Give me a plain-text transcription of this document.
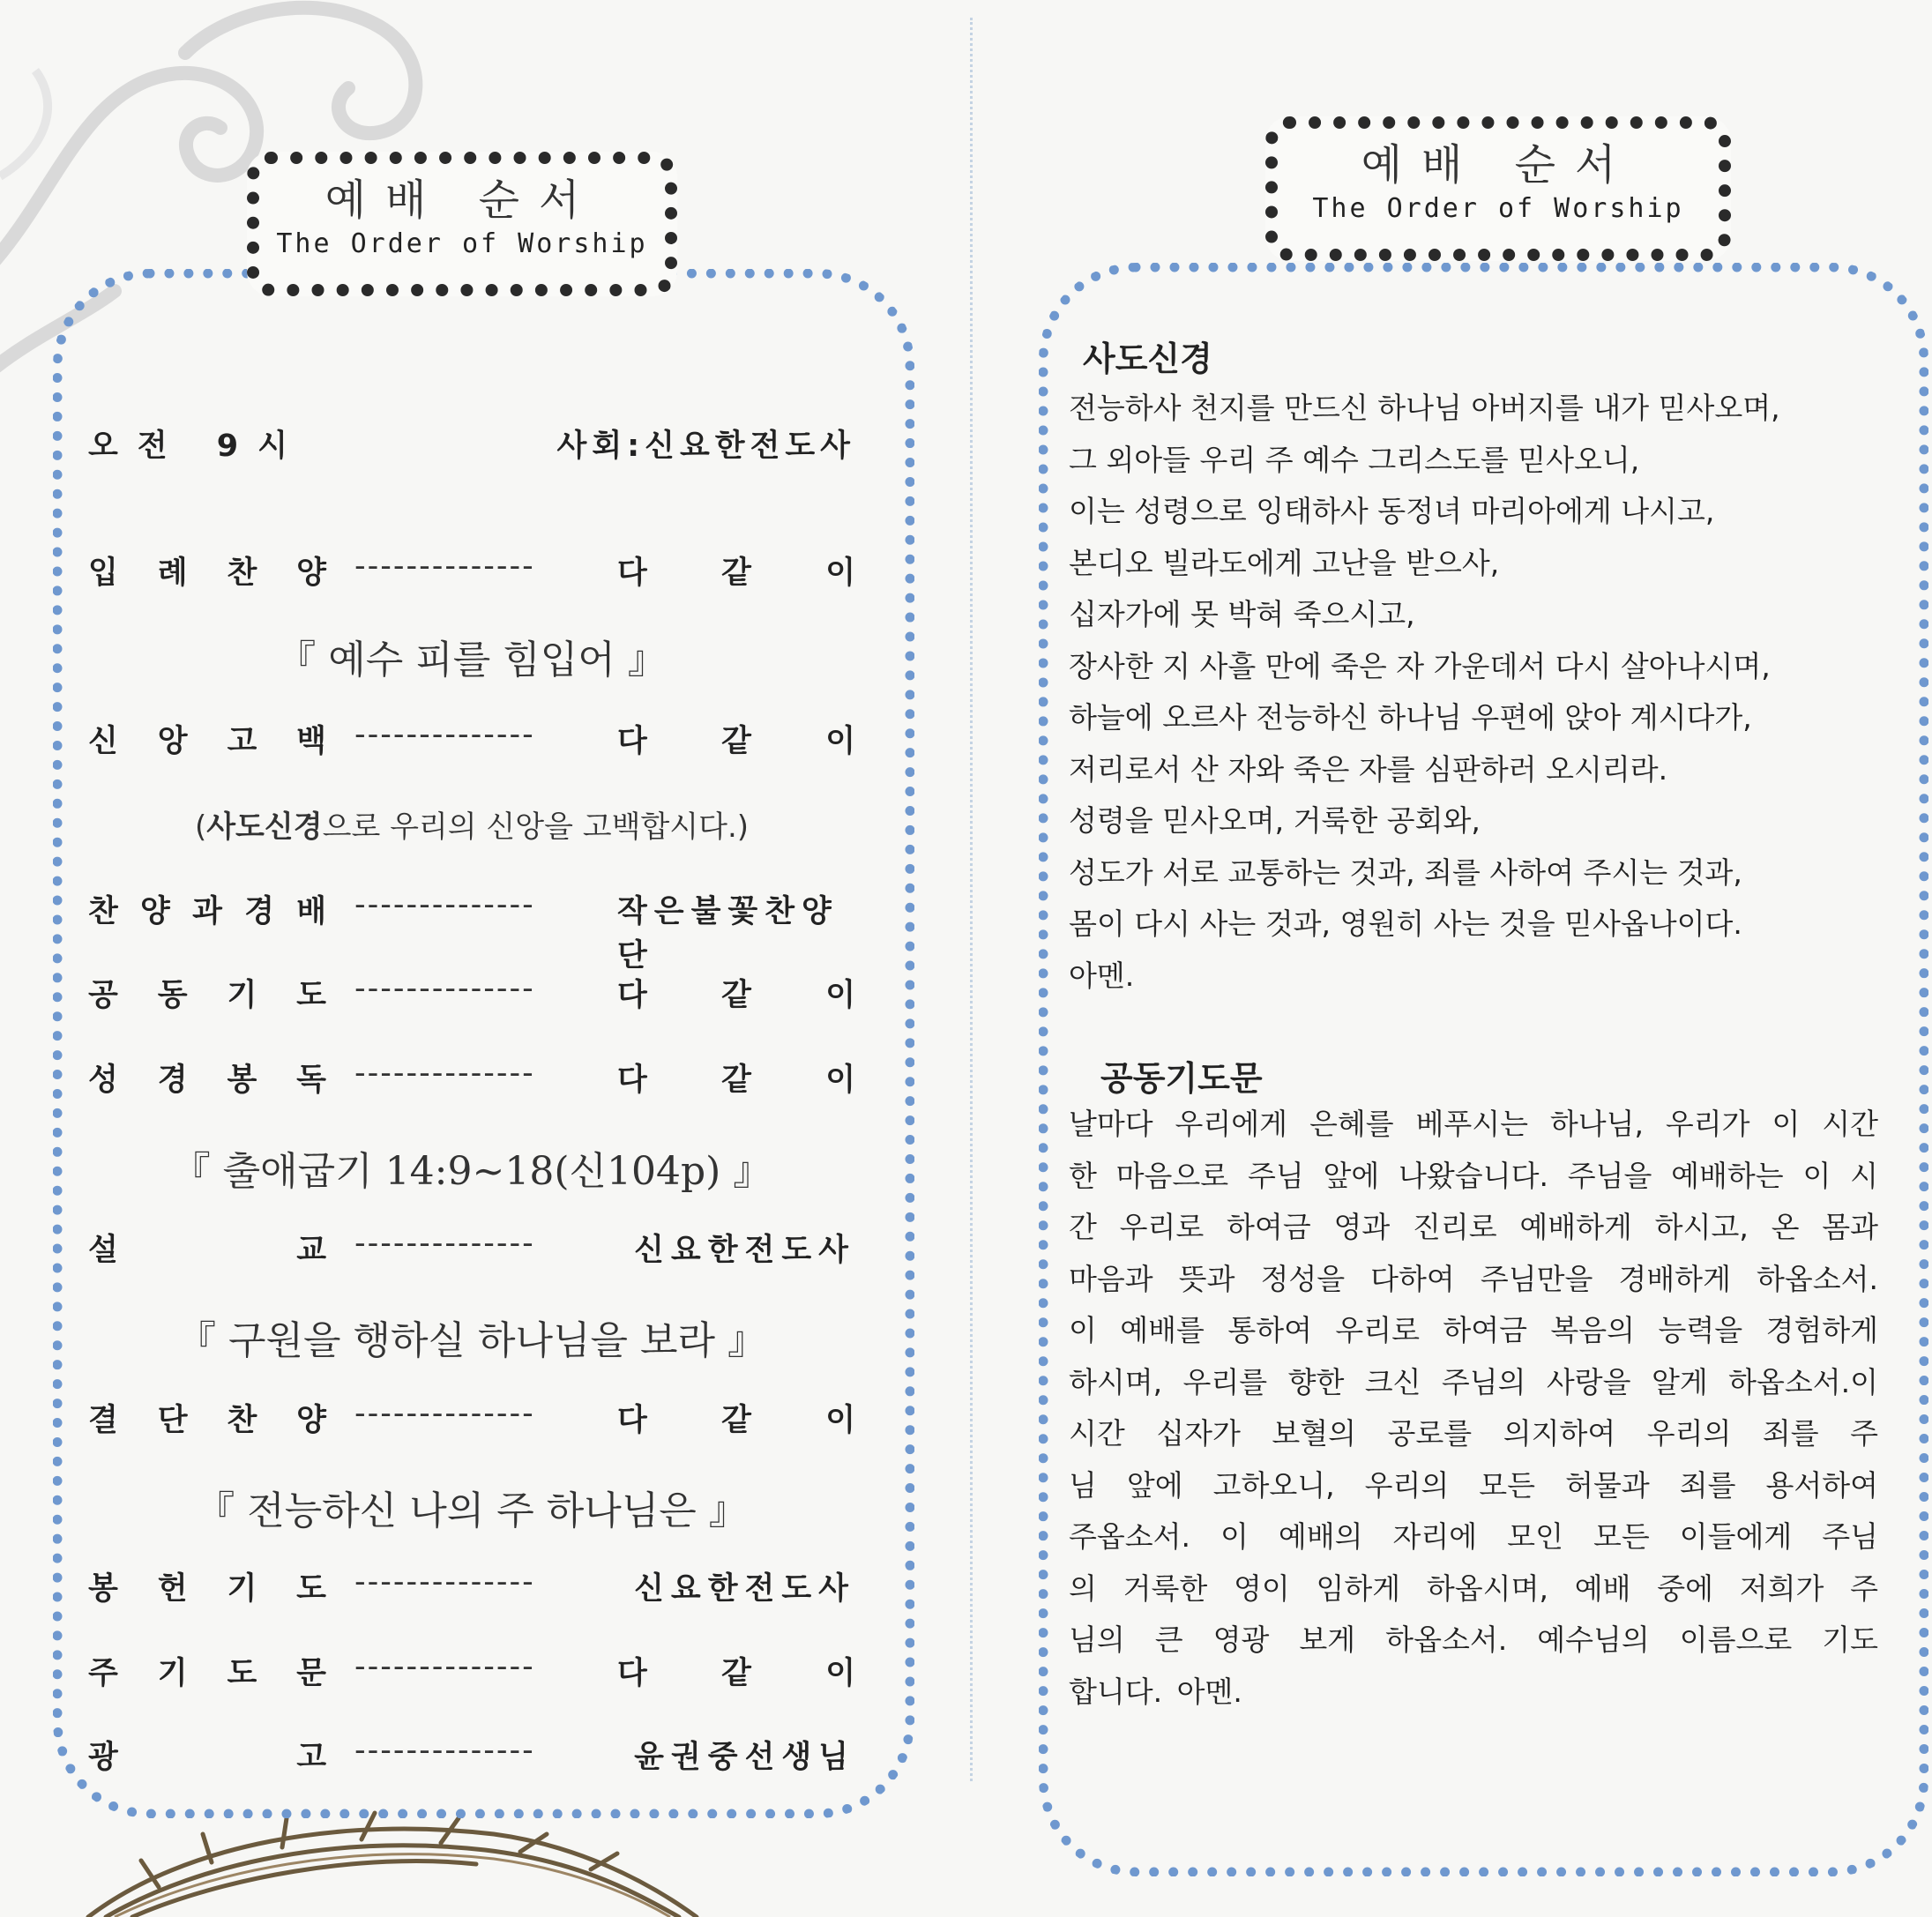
예배 순서
The Order of Worship
오전 9시	사회:신요한전도사
입 례 찬 양 --------------	다 같 이
『 예수 피를 힘입어 』
신 앙 고 백 --------------	다 같 이
(사도신경으로 우리의 신앙을 고백합시다.)
찬 양 과 경 배 --------------	작은불꽃찬양단
공 동 기 도 --------------	다 같 이
성 경 봉 독 --------------	다 같 이
『 출애굽기 14:9~18(신104p) 』
설	교 --------------	신요한전도사
『 구원을 행하실 하나님을 보라 』
결 단 찬 양 --------------	다 같 이
『 전능하신 나의 주 하나님은 』
봉 헌 기 도 --------------	신요한전도사
주 기 도 문 --------------	다 같 이
광	고 --------------	윤권중선생님
예배 순서
The Order of Worship
사도신경
전능하사 천지를 만드신 하나님 아버지를 내가 믿사오며,
그 외아들 우리 주 예수 그리스도를 믿사오니,
이는 성령으로 잉태하사 동정녀 마리아에게 나시고,
본디오 빌라도에게 고난을 받으사,
십자가에 못 박혀 죽으시고,
장사한 지 사흘 만에 죽은 자 가운데서 다시 살아나시며,
하늘에 오르사 전능하신 하나님 우편에 앉아 계시다가,
저리로서 산 자와 죽은 자를 심판하러 오시리라.
성령을 믿사오며, 거룩한 공회와,
성도가 서로 교통하는 것과, 죄를 사하여 주시는 것과,
몸이 다시 사는 것과, 영원히 사는 것을 믿사옵나이다.
아멘.
공동기도문
날마다 우리에게 은혜를 베푸시는 하나님, 우리가 이 시간
한 마음으로 주님 앞에 나왔습니다. 주님을 예배하는 이 시
간 우리로 하여금 영과 진리로 예배하게 하시고, 온 몸과
마음과 뜻과 정성을 다하여 주님만을 경배하게 하옵소서.
이 예배를 통하여 우리로 하여금 복음의 능력을 경험하게
하시며, 우리를 향한 크신 주님의 사랑을 알게 하옵소서.이
시간 십자가 보혈의 공로를 의지하여 우리의 죄를 주
님 앞에 고하오니, 우리의 모든 허물과 죄를 용서하여
주옵소서. 이 예배의 자리에 모인 모든 이들에게 주님
의 거룩한 영이 임하게 하옵시며, 예배 중에 저희가 주
님의 큰 영광 보게 하옵소서. 예수님의 이름으로 기도
합니다. 아멘.
